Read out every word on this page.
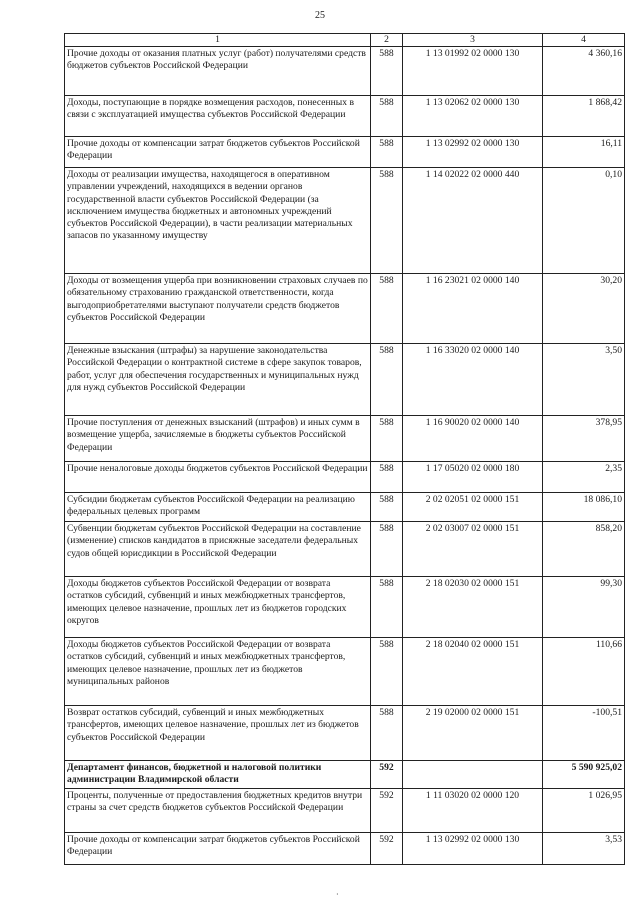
25
1	2	3	4
Прочие доходы от оказания платных услуг (работ) получателями средств бюджетов субъектов Российской Федерации	588	1 13 01992 02 0000 130	4 360,16
Доходы, поступающие в порядке возмещения расходов, понесенных в связи с эксплуатацией имущества субъектов Российской Федерации	588	1 13 02062 02 0000 130	1 868,42
Прочие доходы от компенсации затрат бюджетов субъектов Российской Федерации	588	1 13 02992 02 0000 130	16,11
Доходы от реализации имущества, находящегося в оперативном управлении учреждений, находящихся в ведении органов государственной власти субъектов Российской Федерации (за исключением имущества бюджетных и автономных учреждений субъектов Российской Федерации), в части реализации материальных запасов по указанному имуществу	588	1 14 02022 02 0000 440	0,10
Доходы от возмещения ущерба при возникновении страховых случаев по обязательному страхованию гражданской ответственности, когда выгодоприобретателями выступают получатели средств бюджетов субъектов Российской Федерации	588	1 16 23021 02 0000 140	30,20
Денежные взыскания (штрафы) за нарушение законодательства Российской Федерации о контрактной системе в сфере закупок товаров, работ, услуг для обеспечения государственных и муниципальных нужд для нужд субъектов Российской Федерации	588	1 16 33020 02 0000 140	3,50
Прочие поступления от денежных взысканий (штрафов) и иных сумм в возмещение ущерба, зачисляемые в бюджеты субъектов Российской Федерации	588	1 16 90020 02 0000 140	378,95
Прочие неналоговые доходы бюджетов субъектов Российской Федерации	588	1 17 05020 02 0000 180	2,35
Субсидии бюджетам субъектов Российской Федерации на реализацию федеральных целевых программ	588	2 02 02051 02 0000 151	18 086,10
Субвенции бюджетам субъектов Российской Федерации на составление (изменение) списков кандидатов в присяжные заседатели федеральных судов общей юрисдикции в Российской Федерации	588	2 02 03007 02 0000 151	858,20
Доходы бюджетов субъектов Российской Федерации от возврата остатков субсидий, субвенций и иных межбюджетных трансфертов, имеющих целевое назначение, прошлых лет из бюджетов городских округов	588	2 18 02030 02 0000 151	99,30
Доходы бюджетов субъектов Российской Федерации от возврата остатков субсидий, субвенций и иных межбюджетных трансфертов, имеющих целевое назначение, прошлых лет из бюджетов муниципальных районов	588	2 18 02040 02 0000 151	110,66
Возврат остатков субсидий, субвенций и иных межбюджетных трансфертов, имеющих целевое назначение, прошлых лет из бюджетов субъектов Российской Федерации	588	2 19 02000 02 0000 151	-100,51
Департамент финансов, бюджетной и налоговой политики администрации Владимирской области	592		5 590 925,02
Проценты, полученные от предоставления бюджетных кредитов внутри страны за счет средств бюджетов субъектов Российской Федерации	592	1 11 03020 02 0000 120	1 026,95
Прочие доходы от компенсации затрат бюджетов субъектов Российской Федерации	592	1 13 02992 02 0000 130	3,53
·
